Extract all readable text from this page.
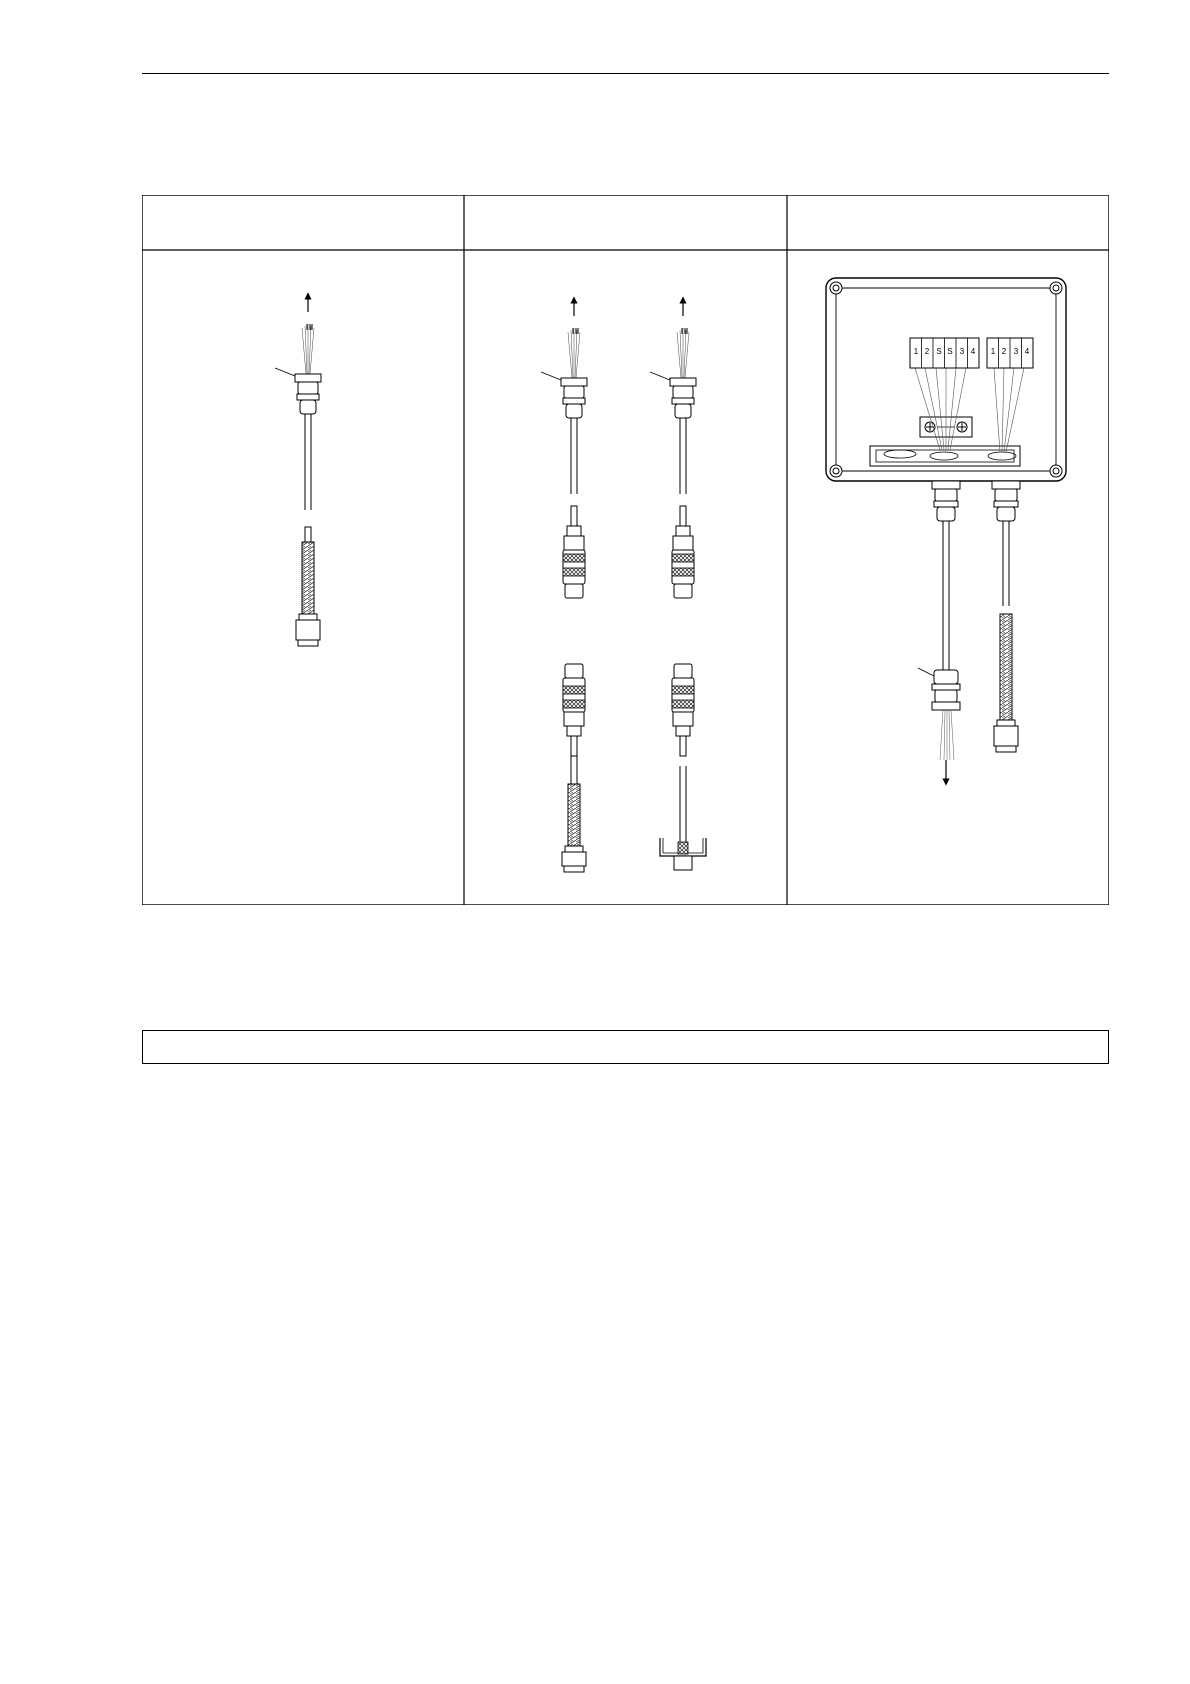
1 2 S S 3 4 1 2 3 4
